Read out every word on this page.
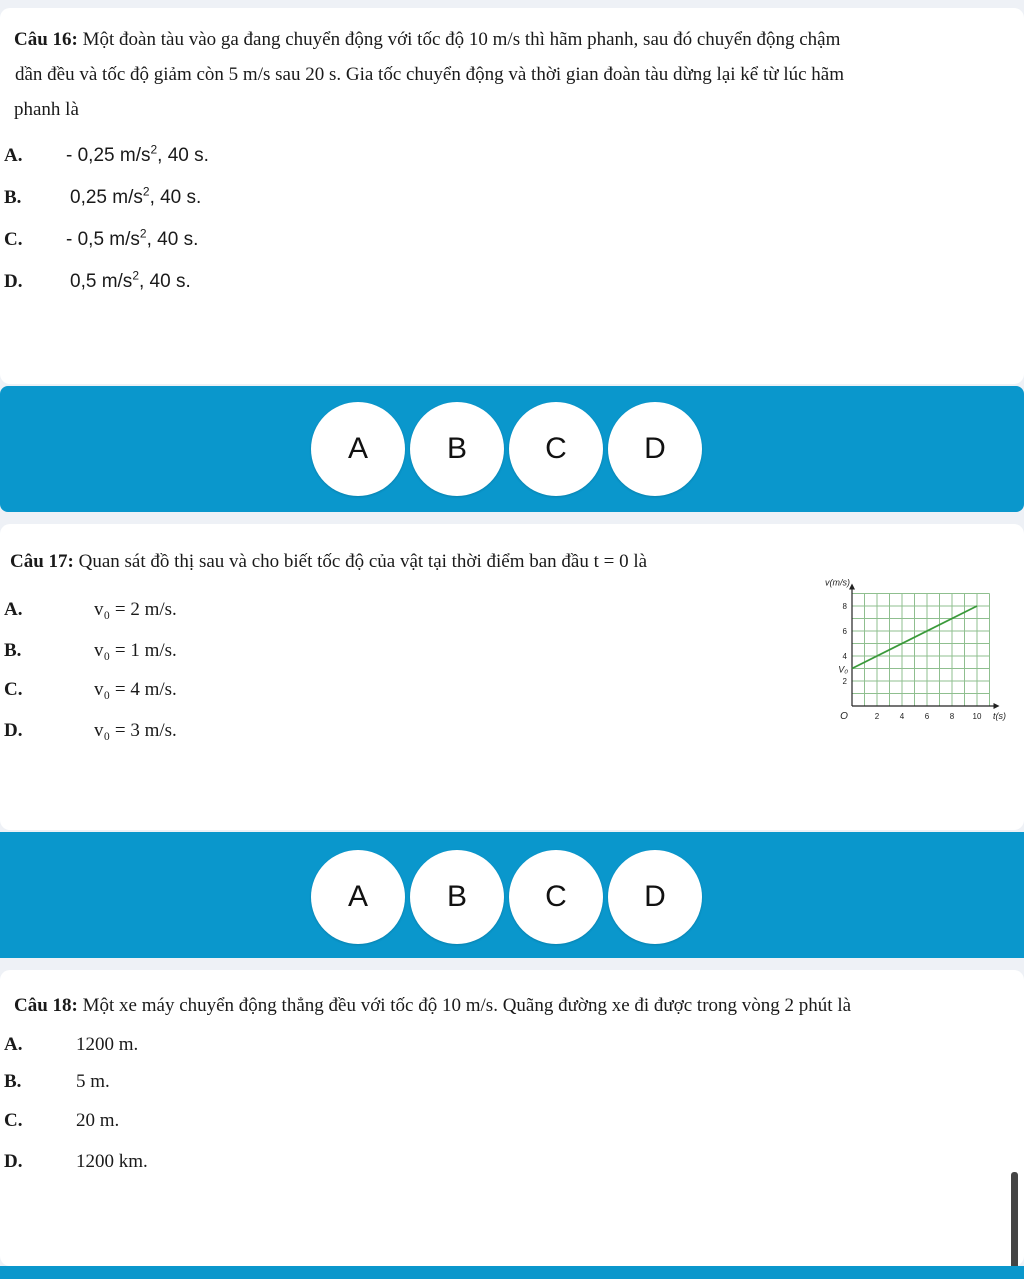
Câu 16: Một đoàn tàu vào ga đang chuyển động với tốc độ 10 m/s thì hãm phanh, sau đó chuyển động chậm
dần đều và tốc độ giảm còn 5 m/s sau 20 s. Gia tốc chuyển động và thời gian đoàn tàu dừng lại kể từ lúc hãm
phanh là
A. - 0,25 $m/s^2$, 40 s.
B.	0,25 $m/s^2$, 40 s.
C. - 0,5 $m/s^2$, 40 s.
D.	0,5 $m/s^2$, 40 s.
A	B	C	D
Câu 17: Quan sát đồ thị sau và cho biết tốc độ của vật tại thời điểm ban đầu t = 0 là
A.	v₀ = 2 m/s.
B.	v₀ = 1 m/s.
C.	v₀ = 4 m/s.
D.	v₀ = 3 m/s.
2	4	6	8 10
2
4
6
8
v(m/s)
t(s)
O
V₀
A	B	C	D
Câu 18: Một xe máy chuyển động thẳng đều với tốc độ 10 m/s. Quãng đường xe đi được trong vòng 2 phút là
A.	1200 m.
B.	5 m.
C.	20 m.
D.	1200 km.
